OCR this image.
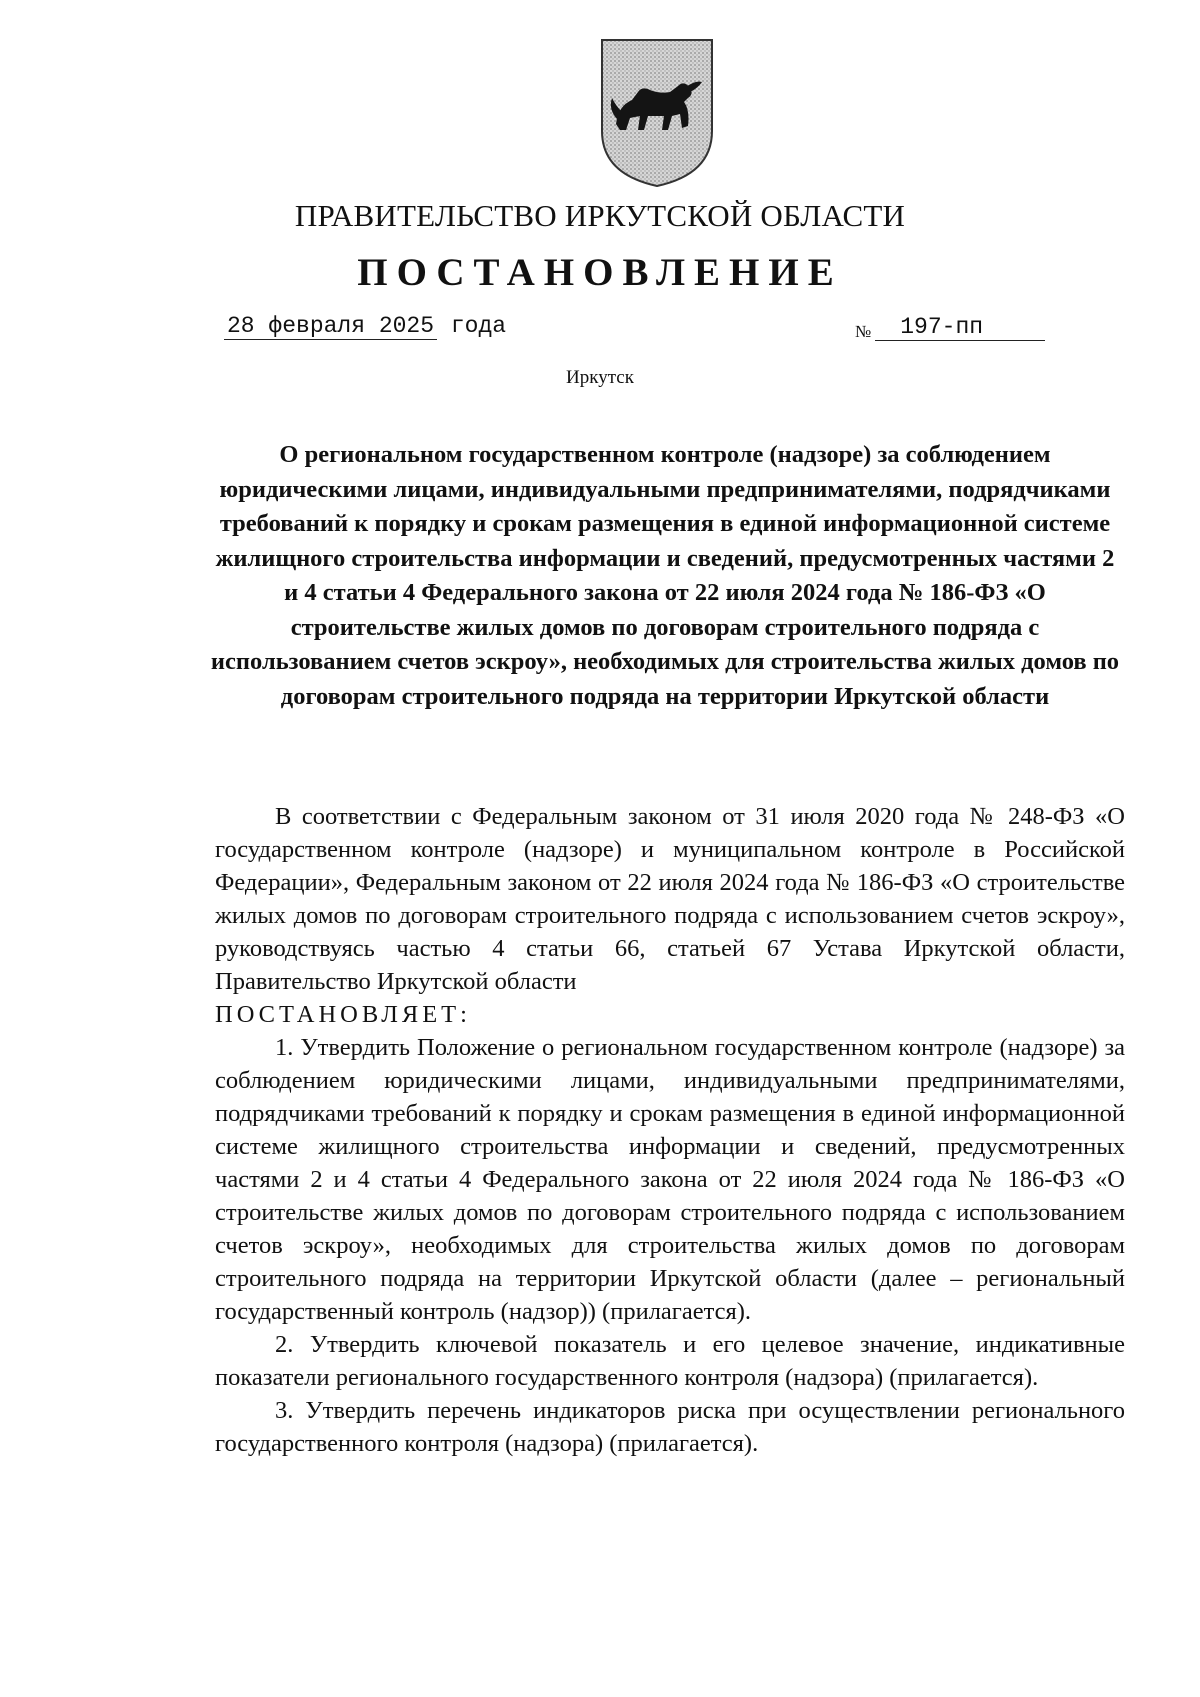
ПРАВИТЕЛЬСТВО ИРКУТСКОЙ ОБЛАСТИ
ПОСТАНОВЛЕНИЕ
28 февраля 2025 года	№ 197-пп
Иркутск
О региональном государственном контроле (надзоре) за соблюдением юридическими лицами, индивидуальными предпринимателями, подрядчиками требований к порядку и срокам размещения в единой информационной системе жилищного строительства информации и сведений, предусмотренных частями 2 и 4 статьи 4 Федерального закона от 22 июля 2024 года № 186-ФЗ «О строительстве жилых домов по договорам строительного подряда с использованием счетов эскроу», необходимых для строительства жилых домов по договорам строительного подряда на территории Иркутской области

В соответствии с Федеральным законом от 31 июля 2020 года № 248-ФЗ «О государственном контроле (надзоре) и муниципальном контроле в Российской Федерации», Федеральным законом от 22 июля 2024 года № 186-ФЗ «О строительстве жилых домов по договорам строительного подряда с использованием счетов эскроу», руководствуясь частью 4 статьи 66, статьей 67 Устава Иркутской области, Правительство Иркутской области

ПОСТАНОВЛЯЕТ:

1. Утвердить Положение о региональном государственном контроле (надзоре) за соблюдением юридическими лицами, индивидуальными предпринимателями, подрядчиками требований к порядку и срокам размещения в единой информационной системе жилищного строительства информации и сведений, предусмотренных частями 2 и 4 статьи 4 Федерального закона от 22 июля 2024 года № 186-ФЗ «О строительстве жилых домов по договорам строительного подряда с использованием счетов эскроу», необходимых для строительства жилых домов по договорам строительного подряда на территории Иркутской области (далее – региональный государственный контроль (надзор)) (прилагается).

2. Утвердить ключевой показатель и его целевое значение, индикативные показатели регионального государственного контроля (надзора) (прилагается).

3. Утвердить перечень индикаторов риска при осуществлении регионального государственного контроля (надзора) (прилагается).
